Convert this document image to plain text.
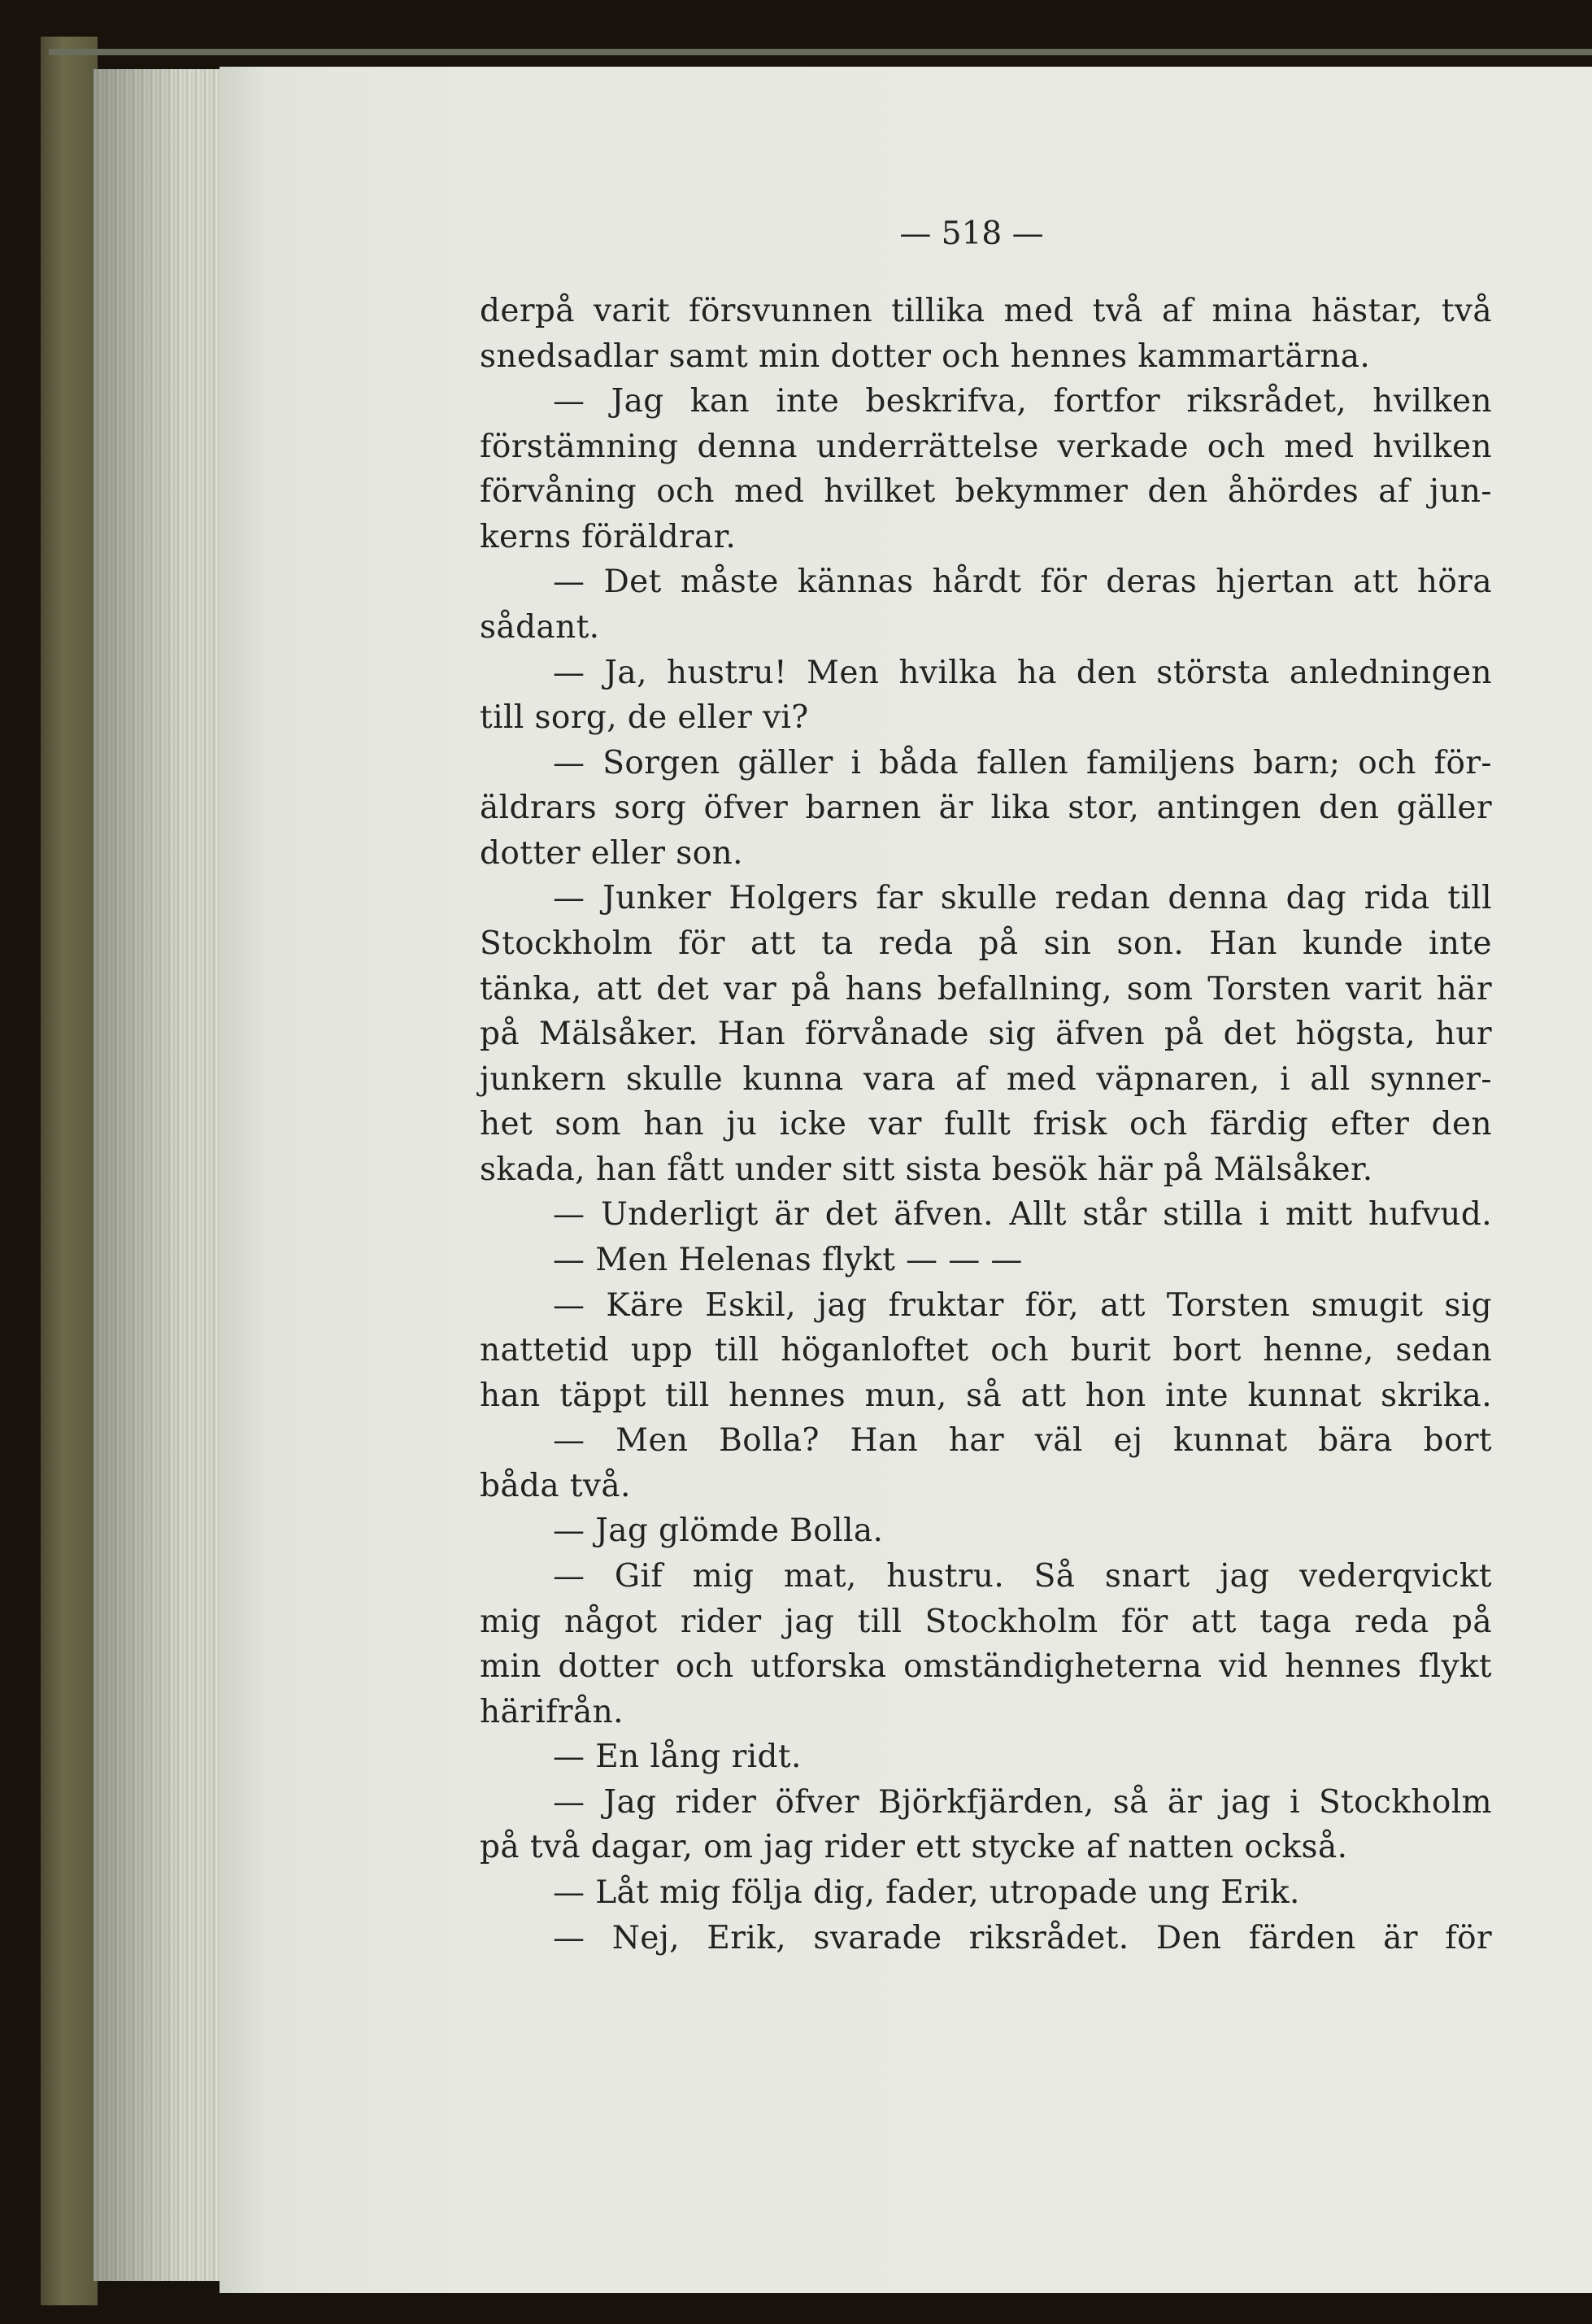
— 518 —
derpå varit försvunnen tillika med två af mina hästar, två
snedsadlar samt min dotter och hennes kammartärna.
— Jag kan inte beskrifva, fortfor riksrådet, hvilken
förstämning denna underrättelse verkade och med hvilken
förvåning och med hvilket bekymmer den åhördes af jun-
kerns föräldrar.
— Det måste kännas hårdt för deras hjertan att höra
sådant.
— Ja, hustru! Men hvilka ha den största anledningen
till sorg, de eller vi?
— Sorgen gäller i båda fallen familjens barn; och för-
äldrars sorg öfver barnen är lika stor, antingen den gäller
dotter eller son.
— Junker Holgers far skulle redan denna dag rida till
Stockholm för att ta reda på sin son. Han kunde inte
tänka, att det var på hans befallning, som Torsten varit här
på Mälsåker. Han förvånade sig äfven på det högsta, hur
junkern skulle kunna vara af med väpnaren, i all synner-
het som han ju icke var fullt frisk och färdig efter den
skada, han fått under sitt sista besök här på Mälsåker.
— Underligt är det äfven. Allt står stilla i mitt hufvud.
— Men Helenas flykt — — —
— Käre Eskil, jag fruktar för, att Torsten smugit sig
nattetid upp till höganloftet och burit bort henne, sedan
han täppt till hennes mun, så att hon inte kunnat skrika.
— Men Bolla? Han har väl ej kunnat bära bort
båda två.
— Jag glömde Bolla.
— Gif mig mat, hustru. Så snart jag vederqvickt
mig något rider jag till Stockholm för att taga reda på
min dotter och utforska omständigheterna vid hennes flykt
härifrån.
— En lång ridt.
— Jag rider öfver Björkfjärden, så är jag i Stockholm
på två dagar, om jag rider ett stycke af natten också.
— Låt mig följa dig, fader, utropade ung Erik.
— Nej, Erik, svarade riksrådet. Den färden är för
